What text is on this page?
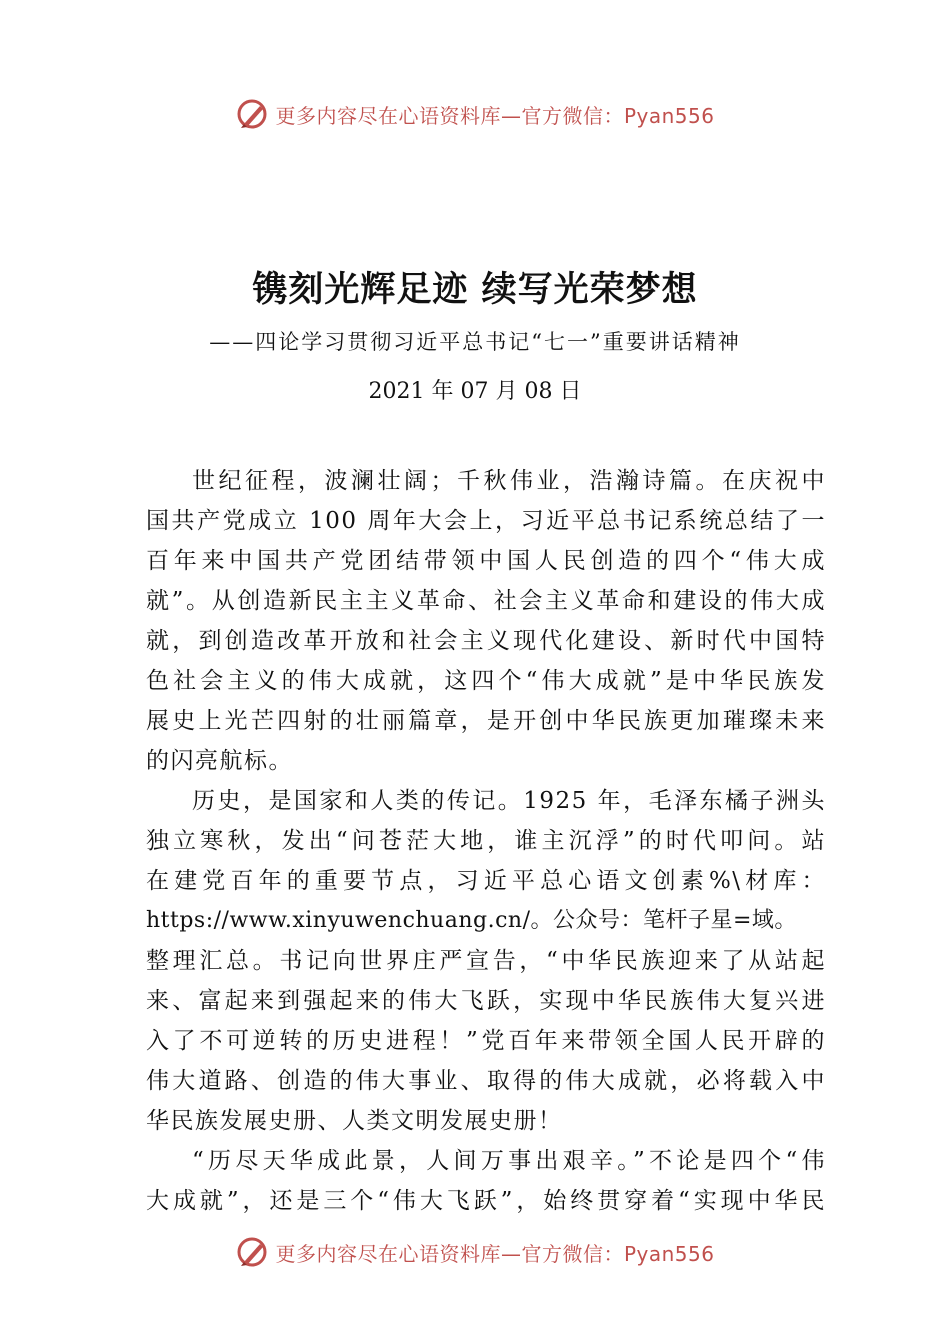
更多内容尽在心语资料库—官方微信：Pyan556
镌刻光辉足迹 续写光荣梦想
——四论学习贯彻习近平总书记“七一”重要讲话精神
2021 年 07 月 08 日
世纪征程，波澜壮阔；千秋伟业，浩瀚诗篇。在庆祝中
国共产党成立 100 周年大会上，习近平总书记系统总结了一
百年来中国共产党团结带领中国人民创造的四个“伟大成
就”。从创造新民主主义革命、社会主义革命和建设的伟大成
就，到创造改革开放和社会主义现代化建设、新时代中国特
色社会主义的伟大成就，这四个“伟大成就”是中华民族发
展史上光芒四射的壮丽篇章，是开创中华民族更加璀璨未来
的闪亮航标。
历史，是国家和人类的传记。1925 年，毛泽东橘子洲头
独立寒秋，发出“问苍茫大地，谁主沉浮”的时代叩问。站
在建党百年的重要节点，习近平总心语文创素%\材库：
https://www.xinyuwenchuang.cn/。公众号：笔杆子星=域。
整理汇总。书记向世界庄严宣告，“中华民族迎来了从站起
来、富起来到强起来的伟大飞跃，实现中华民族伟大复兴进
入了不可逆转的历史进程！”党百年来带领全国人民开辟的
伟大道路、创造的伟大事业、取得的伟大成就，必将载入中
华民族发展史册、人类文明发展史册！
“历尽天华成此景，人间万事出艰辛。”不论是四个“伟
大成就”，还是三个“伟大飞跃”，始终贯穿着“实现中华民
更多内容尽在心语资料库—官方微信：Pyan556
